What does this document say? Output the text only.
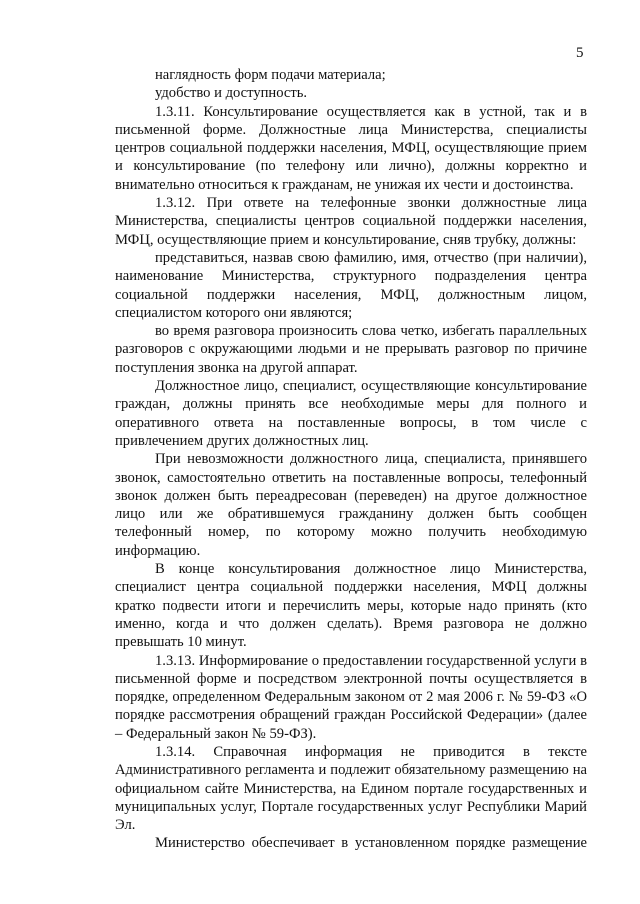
5

наглядность форм подачи материала;

удобство и доступность.

1.3.11. Консультирование осуществляется как в устной, так и в письменной форме. Должностные лица Министерства, специалисты центров социальной поддержки населения, МФЦ, осуществляющие прием и консультирование (по телефону или лично), должны корректно и внимательно относиться к гражданам, не унижая их чести и достоинства.

1.3.12. При ответе на телефонные звонки должностные лица Министерства, специалисты центров социальной поддержки населения, МФЦ, осуществляющие прием и консультирование, сняв трубку, должны:

представиться, назвав свою фамилию, имя, отчество (при наличии), наименование Министерства, структурного подразделения центра социальной поддержки населения, МФЦ, должностным лицом, специалистом которого они являются;

во время разговора произносить слова четко, избегать параллельных разговоров с окружающими людьми и не прерывать разговор по причине поступления звонка на другой аппарат.

Должностное лицо, специалист, осуществляющие консультирование граждан, должны принять все необходимые меры для полного и оперативного ответа на поставленные вопросы, в том числе с привлечением других должностных лиц.

При невозможности должностного лица, специалиста, принявшего звонок, самостоятельно ответить на поставленные вопросы, телефонный звонок должен быть переадресован (переведен) на другое должностное лицо или же обратившемуся гражданину должен быть сообщен телефонный номер, по которому можно получить необходимую информацию.

В конце консультирования должностное лицо Министерства, специалист центра социальной поддержки населения, МФЦ должны кратко подвести итоги и перечислить меры, которые надо принять (кто именно, когда и что должен сделать). Время разговора не должно превышать 10 минут.

1.3.13. Информирование о предоставлении государственной услуги в письменной форме и посредством электронной почты осуществляется в порядке, определенном Федеральным законом от 2 мая 2006 г. № 59-ФЗ «О порядке рассмотрения обращений граждан Российской Федерации» (далее – Федеральный закон № 59-ФЗ).

1.3.14. Справочная информация не приводится в тексте Административного регламента и подлежит обязательному размещению на официальном сайте Министерства, на Едином портале государственных и муниципальных услуг, Портале государственных услуг Республики Марий Эл.

Министерство обеспечивает в установленном порядке размещение
